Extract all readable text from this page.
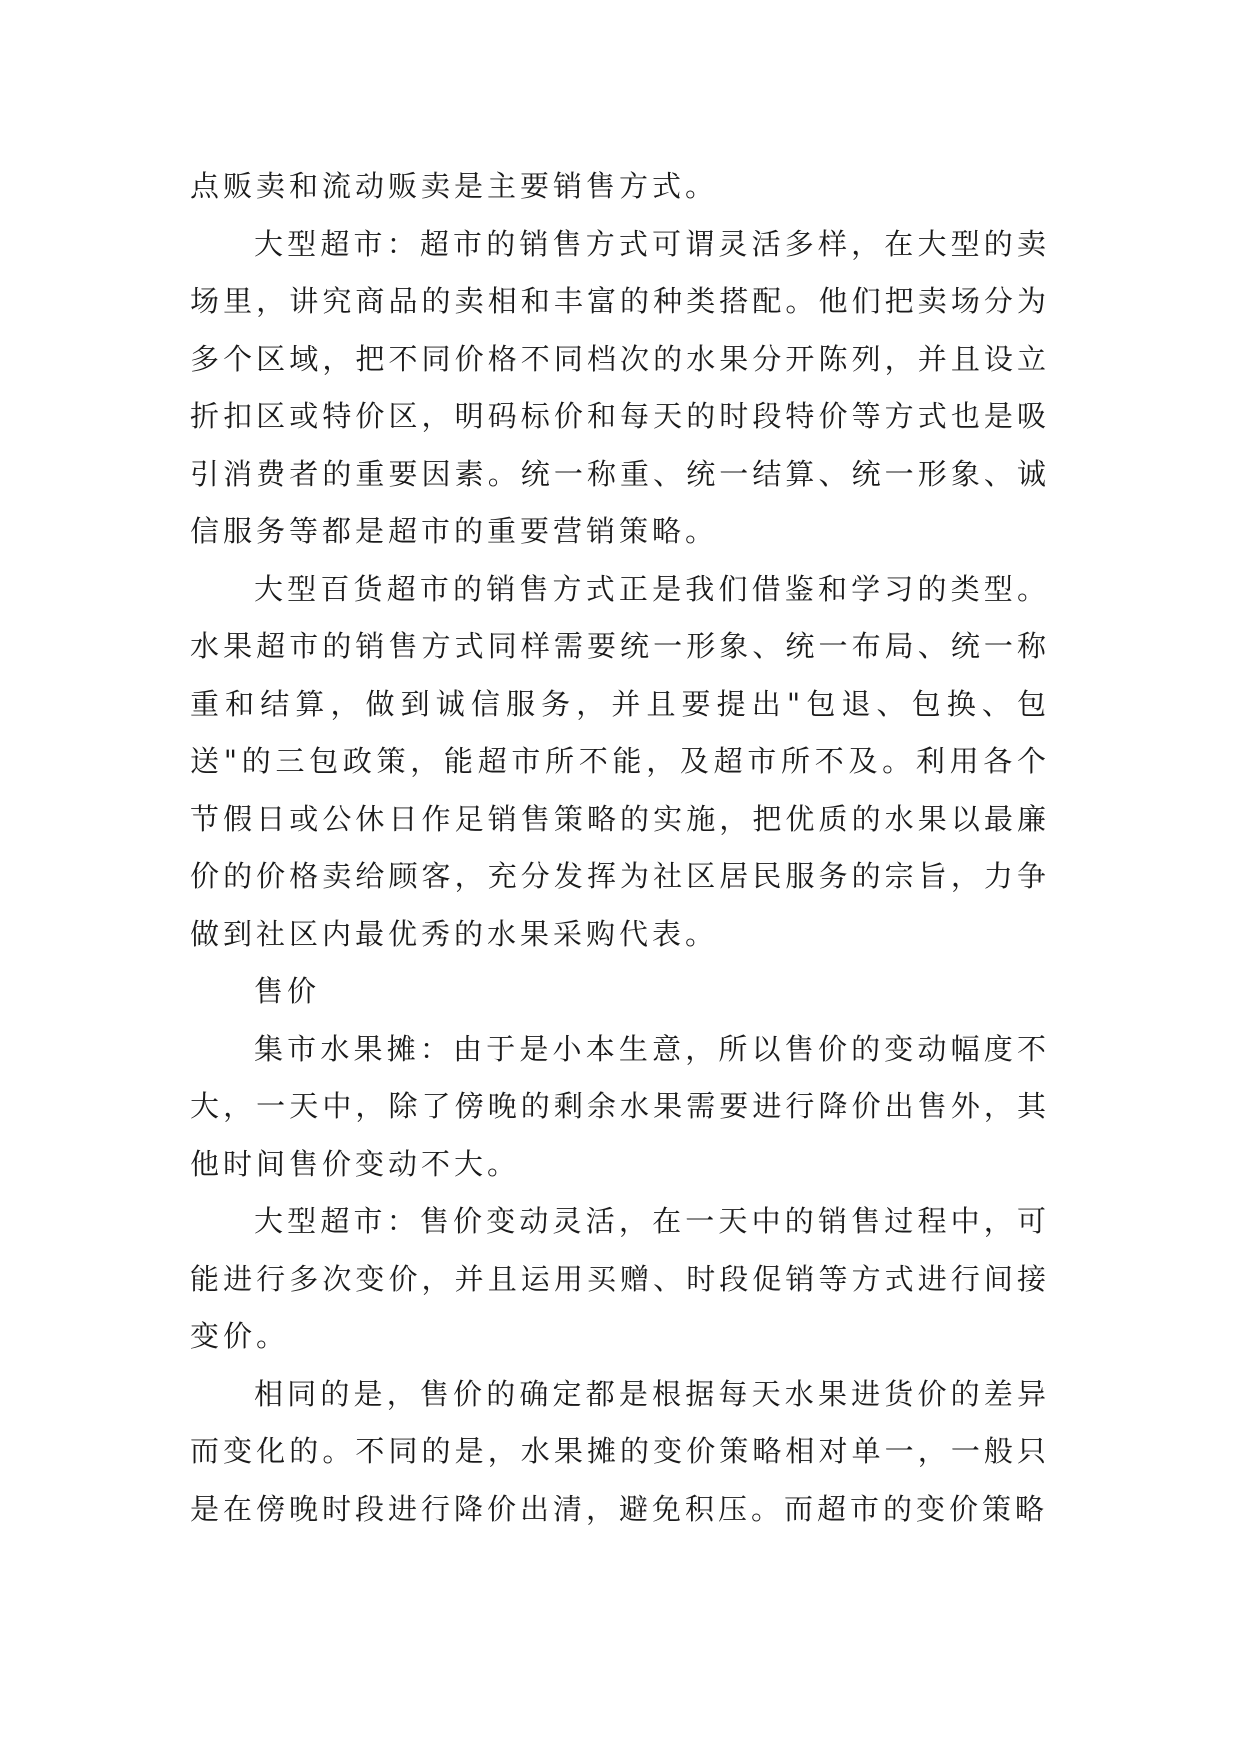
点贩卖和流动贩卖是主要销售方式。

大型超市：超市的销售方式可谓灵活多样，在大型的卖场里，讲究商品的卖相和丰富的种类搭配。他们把卖场分为多个区域，把不同价格不同档次的水果分开陈列，并且设立折扣区或特价区，明码标价和每天的时段特价等方式也是吸引消费者的重要因素。统一称重、统一结算、统一形象、诚信服务等都是超市的重要营销策略。

大型百货超市的销售方式正是我们借鉴和学习的类型。水果超市的销售方式同样需要统一形象、统一布局、统一称重和结算，做到诚信服务，并且要提出"包退、包换、包送"的三包政策，能超市所不能，及超市所不及。利用各个节假日或公休日作足销售策略的实施，把优质的水果以最廉价的价格卖给顾客，充分发挥为社区居民服务的宗旨，力争做到社区内最优秀的水果采购代表。

售价

集市水果摊：由于是小本生意，所以售价的变动幅度不大，一天中，除了傍晚的剩余水果需要进行降价出售外，其他时间售价变动不大。

大型超市：售价变动灵活，在一天中的销售过程中，可能进行多次变价，并且运用买赠、时段促销等方式进行间接变价。

相同的是，售价的确定都是根据每天水果进货价的差异而变化的。不同的是，水果摊的变价策略相对单一，一般只是在傍晚时段进行降价出清，避免积压。而超市的变价策略
